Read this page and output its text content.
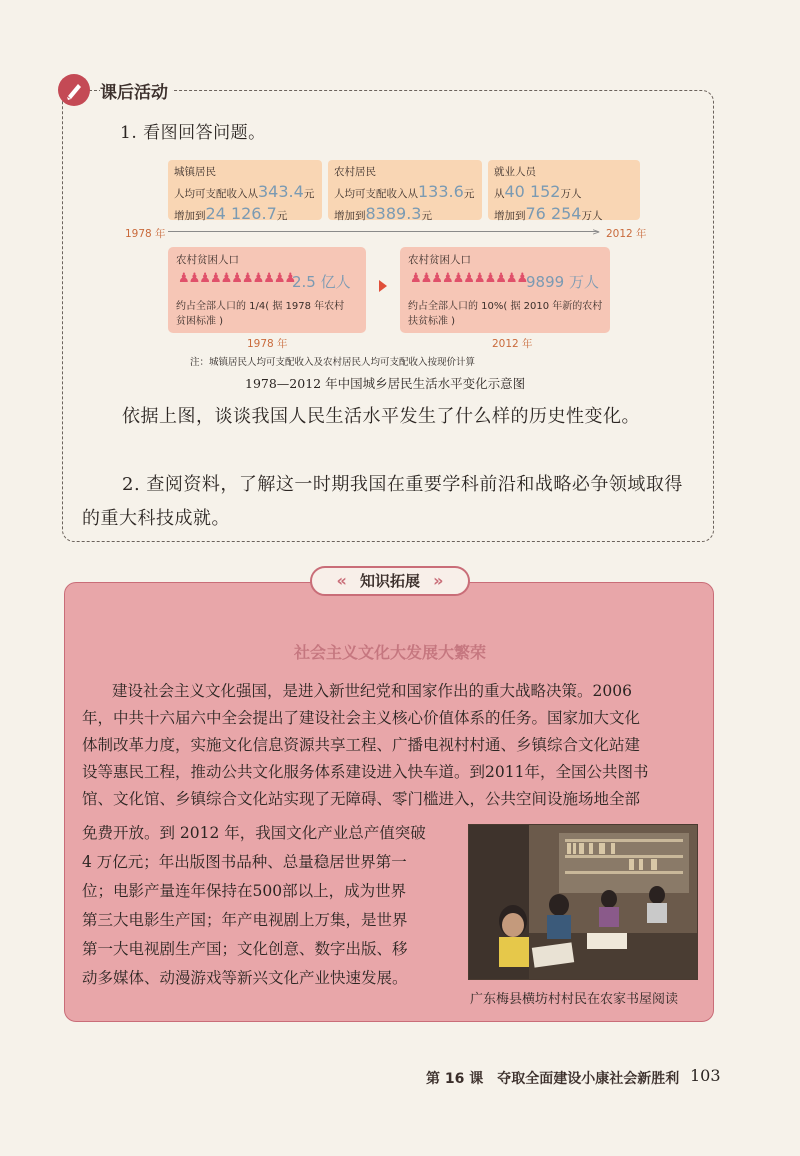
课后活动
1. 看图回答问题。
城镇居民
人均可支配收入从343.4元
增加到24 126.7元
农村居民
人均可支配收入从133.6元
增加到8389.3元
就业人员
从40 152万人
增加到76 254万人
1978 年	> 2012 年
农村贫困人口
♟♟♟♟♟♟♟♟♟♟♟
2.5 亿人
约占全部人口的 1/4( 据 1978 年农村
贫困标准 )
农村贫困人口
♟♟♟♟♟♟♟♟♟♟♟
9899 万人
约占全部人口的 10%( 据 2010 年新的农村
扶贫标准 )
1978 年	2012 年
注：城镇居民人均可支配收入及农村居民人均可支配收入按现价计算
1978—2012 年中国城乡居民生活水平变化示意图
依据上图，谈谈我国人民生活水平发生了什么样的历史性变化。
2. 查阅资料，了解这一时期我国在重要学科前沿和战略必争领域取得
的重大科技成就。
« 知识拓展 »
社会主义文化大发展大繁荣
建设社会主义文化强国，是进入新世纪党和国家作出的重大战略决策。2006
年，中共十六届六中全会提出了建设社会主义核心价值体系的任务。国家加大文化
体制改革力度，实施文化信息资源共享工程、广播电视村村通、乡镇综合文化站建
设等惠民工程，推动公共文化服务体系建设进入快车道。到2011年，全国公共图书
馆、文化馆、乡镇综合文化站实现了无障碍、零门槛进入，公共空间设施场地全部
免费开放。到 2012 年，我国文化产业总产值突破
4 万亿元；年出版图书品种、总量稳居世界第一
位；电影产量连年保持在500部以上，成为世界
第三大电影生产国；年产电视剧上万集，是世界
第一大电视剧生产国；文化创意、数字出版、移
动多媒体、动漫游戏等新兴文化产业快速发展。
广东梅县横坊村村民在农家书屋阅读
第 16 课　夺取全面建设小康社会新胜利 103
